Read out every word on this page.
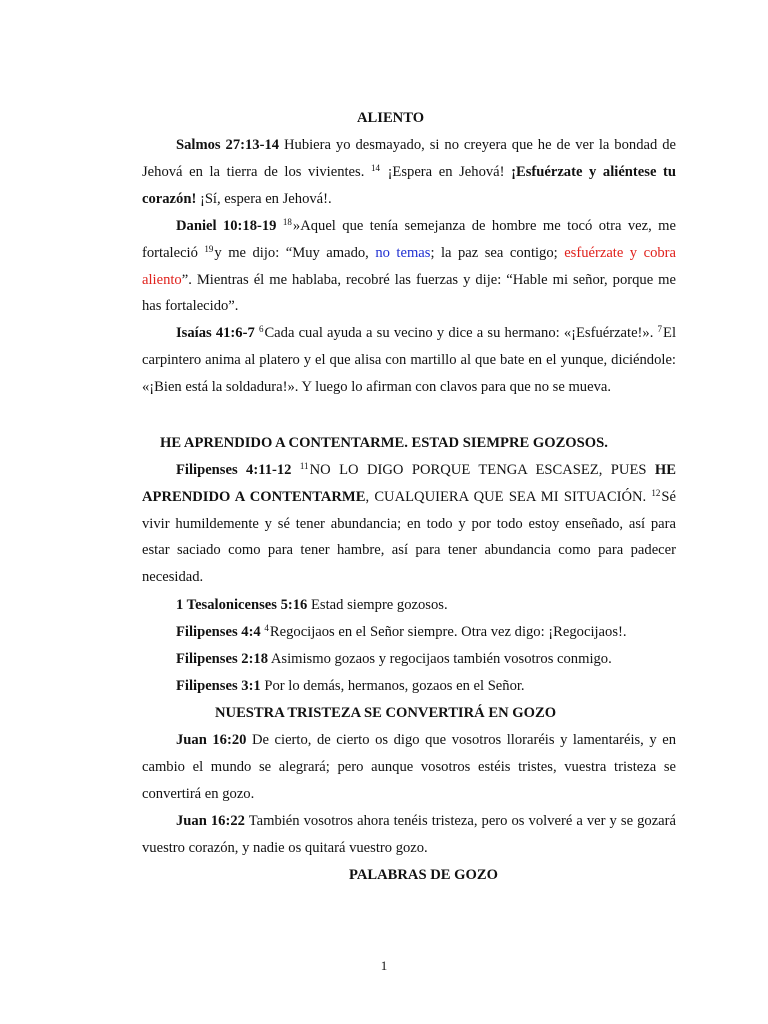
ALIENTO

Salmos 27:13-14 Hubiera yo desmayado, si no creyera que he de ver la bondad de Jehová en la tierra de los vivientes. $^{14}$ ¡Espera en Jehová! ¡Esfuérzate y aliéntese tu corazón! ¡Sí, espera en Jehová!.

Daniel 10:18-19 $^{18}$»Aquel que tenía semejanza de hombre me tocó otra vez, me fortaleció $^{19}$y me dijo: “Muy amado, no temas; la paz sea contigo; esfuérzate y cobra aliento”. Mientras él me hablaba, recobré las fuerzas y dije: “Hable mi señor, porque me has fortalecido”.

Isaías 41:6-7 $^6$Cada cual ayuda a su vecino y dice a su hermano: «¡Esfuérzate!». $^7$El carpintero anima al platero y el que alisa con martillo al que bate en el yunque, diciéndole: «¡Bien está la soldadura!». Y luego lo afirman con clavos para que no se mueva.

HE APRENDIDO A CONTENTARME. ESTAD SIEMPRE GOZOSOS.

Filipenses 4:11-12 $^{11}$NO LO DIGO PORQUE TENGA ESCASEZ, PUES HE APRENDIDO A CONTENTARME, CUALQUIERA QUE SEA MI SITUACIÓN. $^{12}$Sé vivir humildemente y sé tener abundancia; en todo y por todo estoy enseñado, así para estar saciado como para tener hambre, así para tener abundancia como para padecer necesidad.

1 Tesalonicenses 5:16 Estad siempre gozosos.

Filipenses 4:4 $^4$Regocijaos en el Señor siempre. Otra vez digo: ¡Regocijaos!.

Filipenses 2:18 Asimismo gozaos y regocijaos también vosotros conmigo.

Filipenses 3:1 Por lo demás, hermanos, gozaos en el Señor.

NUESTRA TRISTEZA SE CONVERTIRÁ EN GOZO

Juan 16:20 De cierto, de cierto os digo que vosotros lloraréis y lamentaréis, y en cambio el mundo se alegrará; pero aunque vosotros estéis tristes, vuestra tristeza se convertirá en gozo.

Juan 16:22 También vosotros ahora tenéis tristeza, pero os volveré a ver y se gozará vuestro corazón, y nadie os quitará vuestro gozo.

PALABRAS DE GOZO
1
